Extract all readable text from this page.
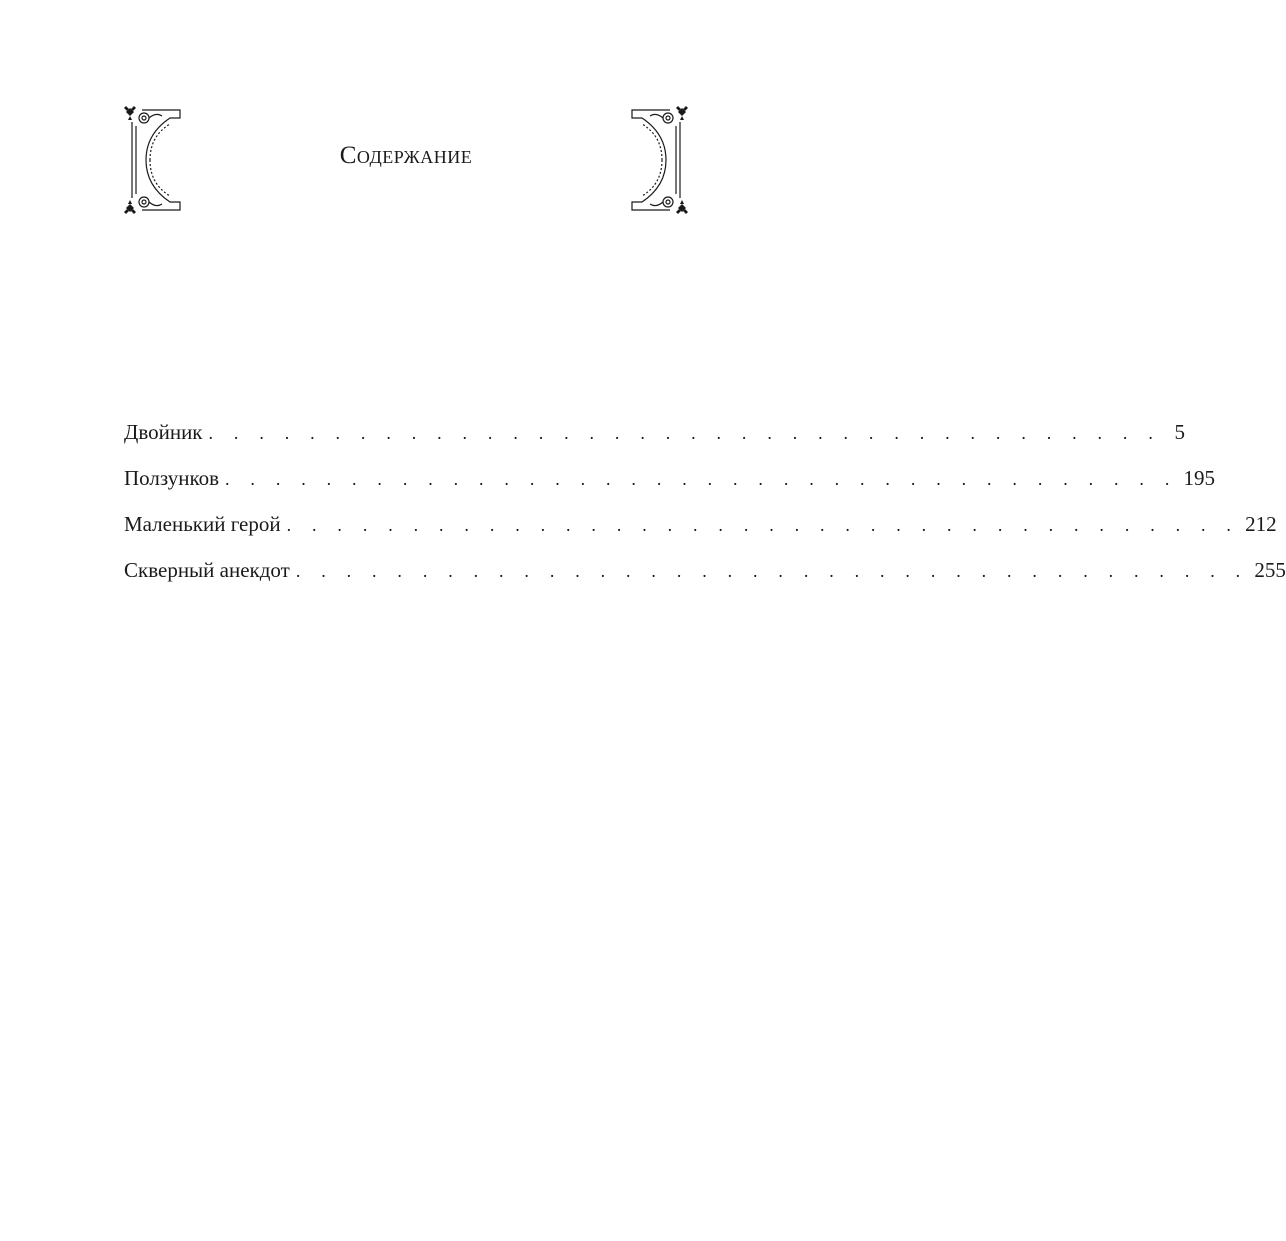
Содержание
Двойник . . . . . . . . . . . . . . . . . . . . . . . . . . . . . . . . . . . . . . 5
Ползунков . . . . . . . . . . . . . . . . . . . . . . . . . . . . . . . . . . . . . . 195
Маленький герой . . . . . . . . . . . . . . . . . . . . . . . . . . . . . . . . . . . . . . 212
Скверный анекдот . . . . . . . . . . . . . . . . . . . . . . . . . . . . . . . . . . . . . . 255
